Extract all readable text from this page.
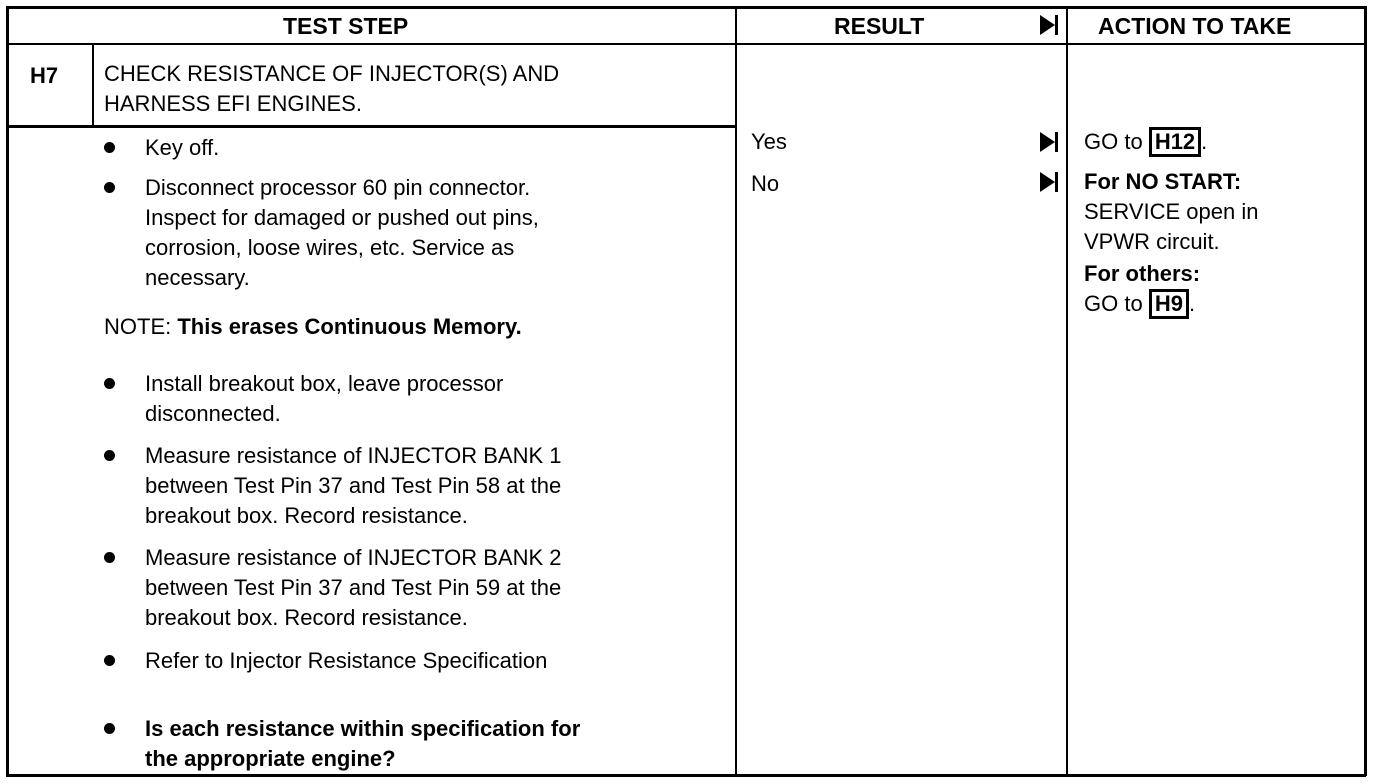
TEST STEP	RESULT	ACTION TO TAKE
H7 CHECK RESISTANCE OF INJECTOR(S) AND
HARNESS EFI ENGINES.
Key off.
Disconnect processor 60 pin connector.
Inspect for damaged or pushed out pins,
corrosion, loose wires, etc. Service as
necessary.
NOTE: This erases Continuous Memory.
Install breakout box, leave processor
disconnected.
Measure resistance of INJECTOR BANK 1
between Test Pin 37 and Test Pin 58 at the
breakout box. Record resistance.
Measure resistance of INJECTOR BANK 2
between Test Pin 37 and Test Pin 59 at the
breakout box. Record resistance.
Refer to Injector Resistance Specification
Is each resistance within specification for
the appropriate engine?
Yes
No
GO to H12 .
For NO START:
SERVICE open in
VPWR circuit.
For others:
GO to H9 .
